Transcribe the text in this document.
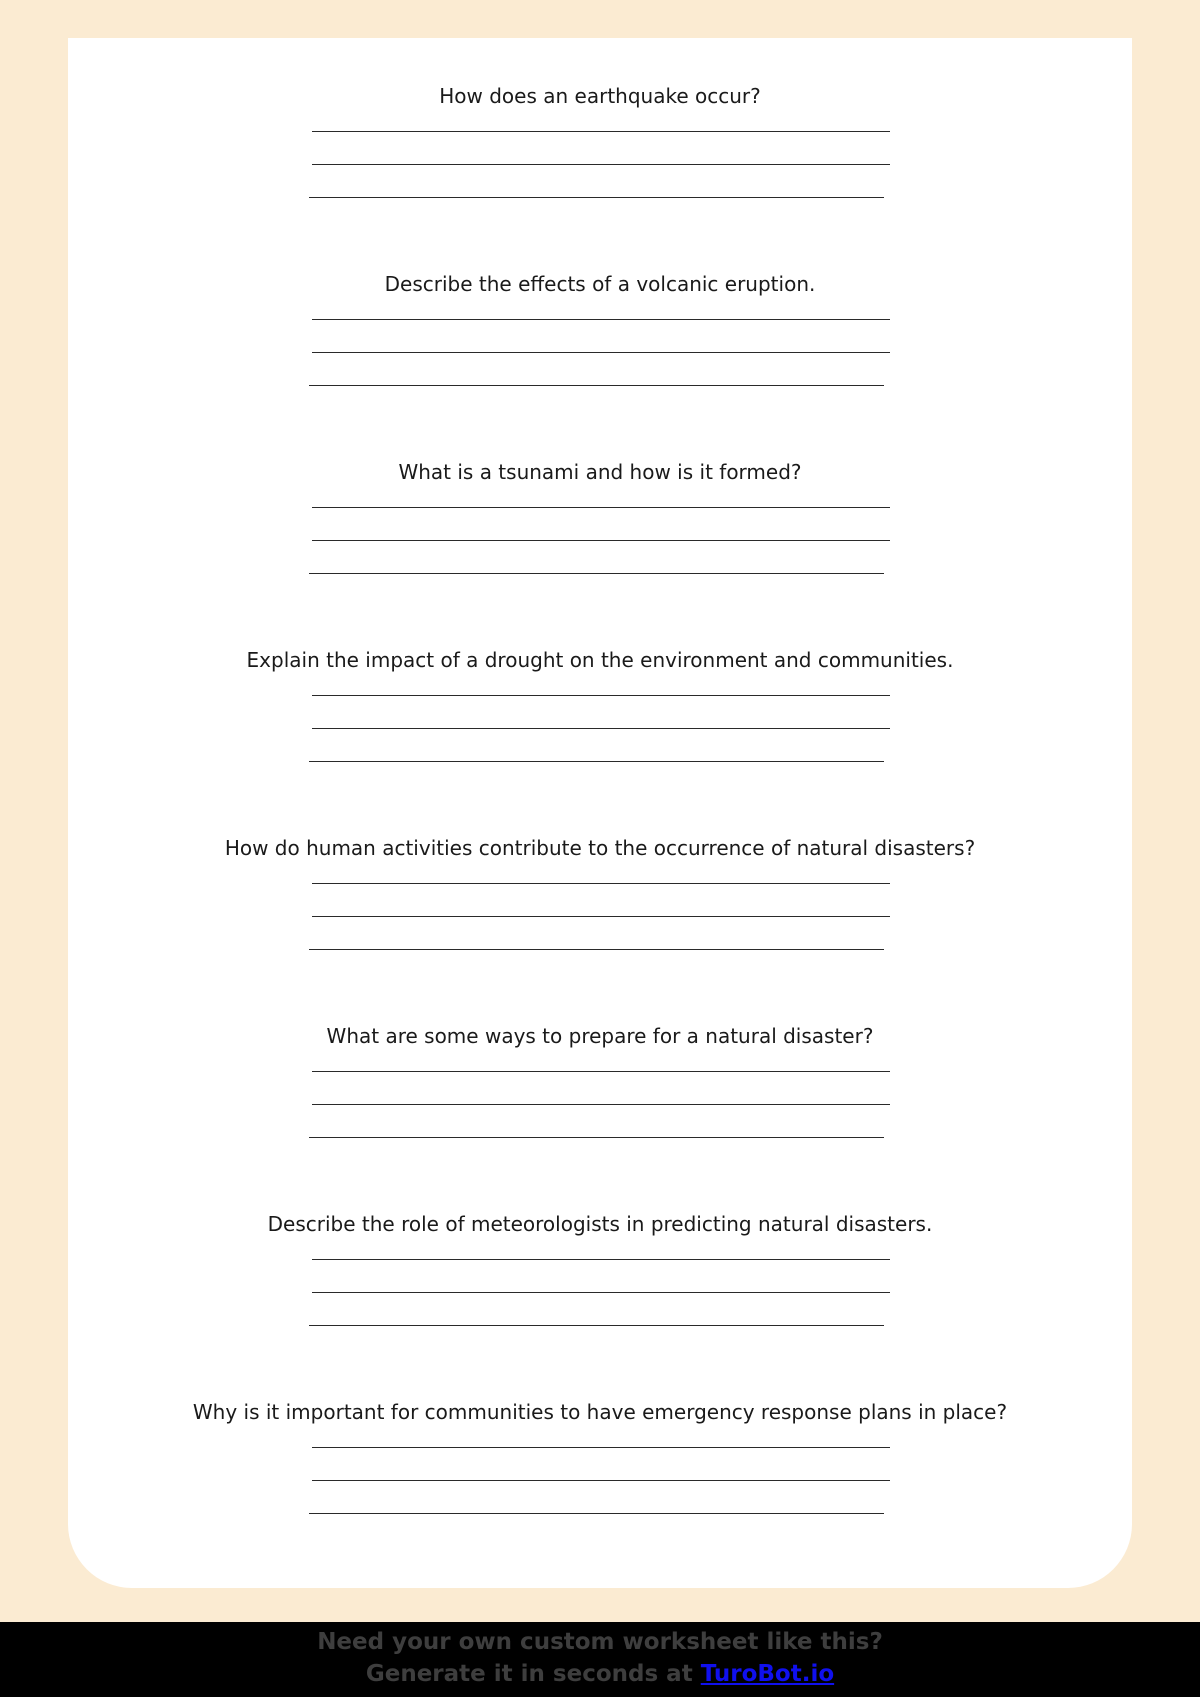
How does an earthquake occur?
Describe the effects of a volcanic eruption.
What is a tsunami and how is it formed?
Explain the impact of a drought on the environment and communities.
How do human activities contribute to the occurrence of natural disasters?
What are some ways to prepare for a natural disaster?
Describe the role of meteorologists in predicting natural disasters.
Why is it important for communities to have emergency response plans in place?
Need your own custom worksheet like this?
Generate it in seconds at TuroBot.io
